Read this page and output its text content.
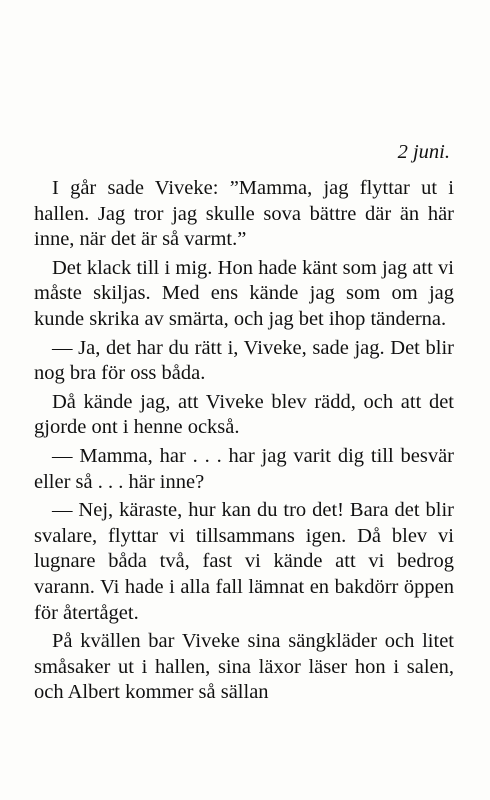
2 juni.

I går sade Viveke: ”Mamma, jag flyttar ut i hallen. Jag tror jag skulle sova bättre där än här inne, när det är så varmt.”

Det klack till i mig. Hon hade känt som jag att vi måste skiljas. Med ens kände jag som om jag kunde skrika av smärta, och jag bet ihop tänderna.

— Ja, det har du rätt i, Viveke, sade jag. Det blir nog bra för oss båda.

Då kände jag, att Viveke blev rädd, och att det gjorde ont i henne också.

— Mamma, har . . . har jag varit dig till besvär eller så . . . här inne?

— Nej, käraste, hur kan du tro det! Bara det blir svalare, flyttar vi tillsammans igen. Då blev vi lugnare båda två, fast vi kände att vi bedrog varann. Vi hade i alla fall lämnat en bakdörr öppen för återtåget.

På kvällen bar Viveke sina sängkläder och litet småsaker ut i hallen, sina läxor läser hon i salen, och Albert kommer så sällan
